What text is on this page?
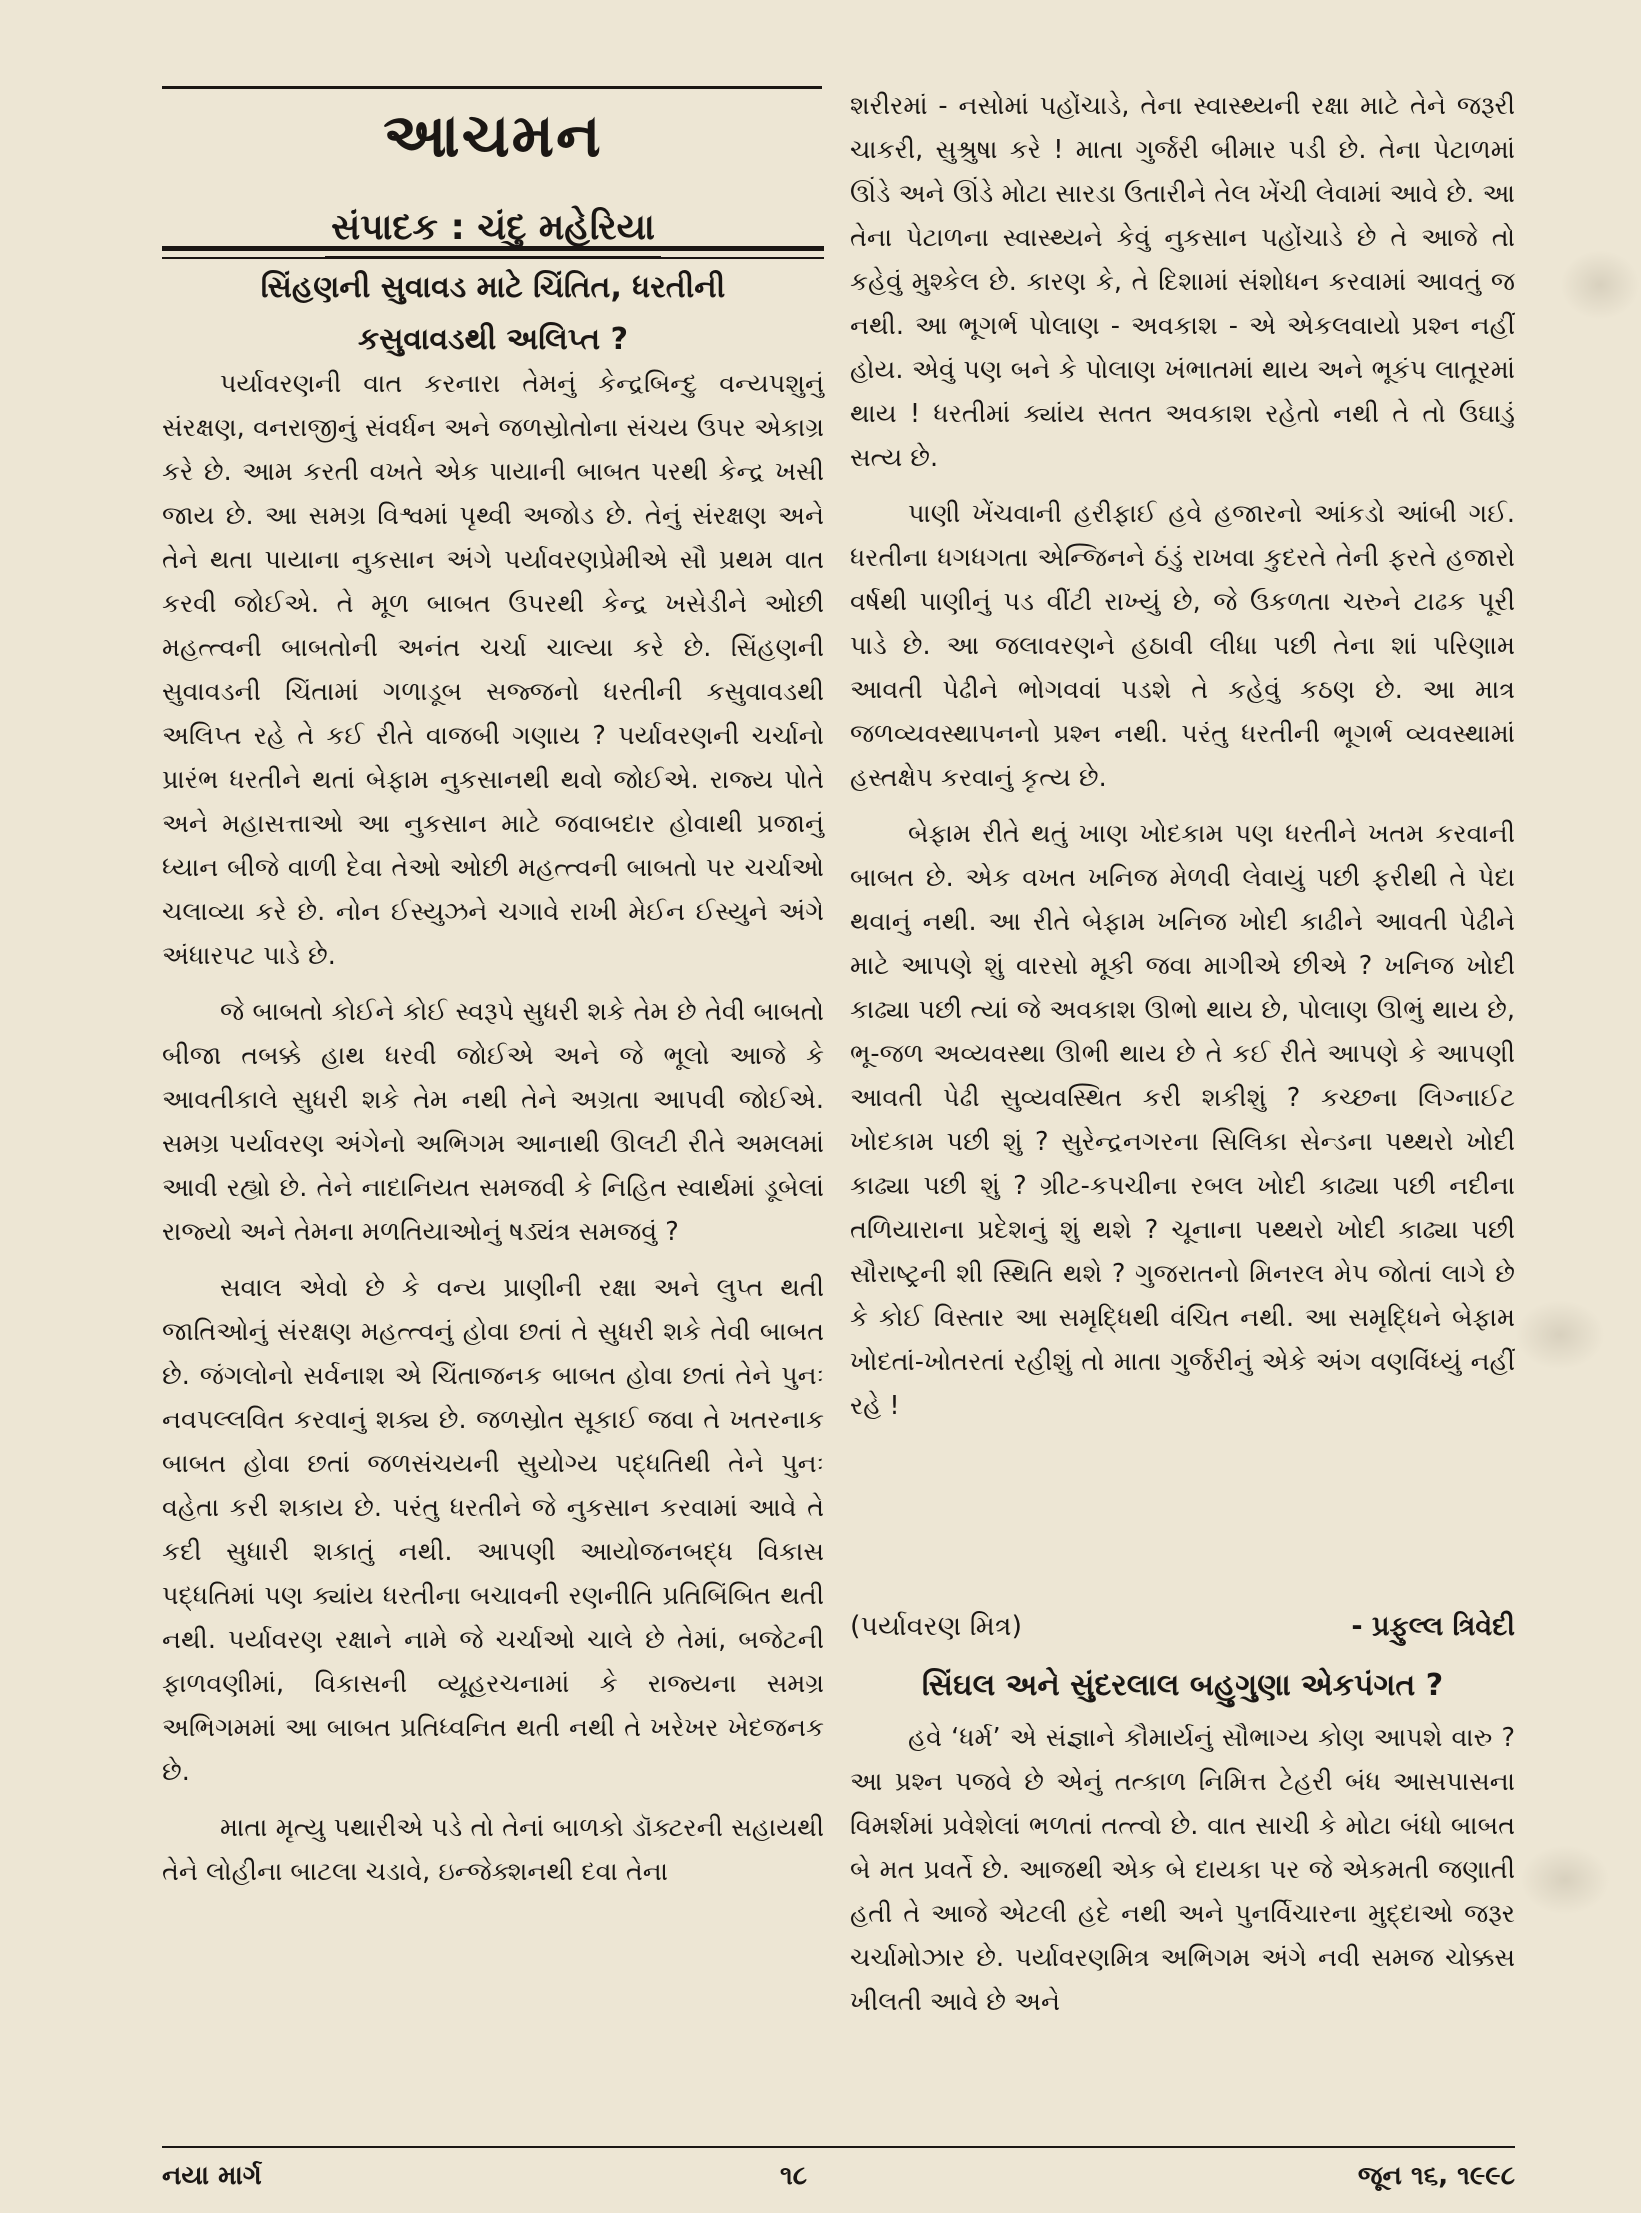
આચમન
સંપાદક : ચંદુ મહેરિયા
સિંહણની સુવાવડ માટે ચિંતિત, ધરતીની
કસુવાવડથી અલિપ્ત ?

પર્યાવરણની વાત કરનારા તેમનું કેન્દ્રબિન્દુ વન્યપશુનું સંરક્ષણ, વનરાજીનું સંવર્ધન અને જળસ્રોતોના સંચય ઉપર એકાગ્ર કરે છે. આમ કરતી વખતે એક પાયાની બાબત પરથી કેન્દ્ર ખસી જાય છે. આ સમગ્ર વિશ્વમાં પૃથ્વી અજોડ છે. તેનું સંરક્ષણ અને તેને થતા પાયાના નુકસાન અંગે પર્યાવરણપ્રેમીએ સૌ પ્રથમ વાત કરવી જોઈએ. તે મૂળ બાબત ઉપરથી કેન્દ્ર ખસેડીને ઓછી મહત્ત્વની બાબતોની અનંત ચર્ચા ચાલ્યા કરે છે. સિંહણની સુવાવડની ચિંતામાં ગળાડૂબ સજ્જનો ધરતીની કસુવાવડથી અલિપ્ત રહે તે કઈ રીતે વાજબી ગણાય ? પર્યાવરણની ચર્ચાનો પ્રારંભ ધરતીને થતાં બેફામ નુકસાનથી થવો જોઈએ. રાજ્ય પોતે અને મહાસત્તાઓ આ નુકસાન માટે જવાબદાર હોવાથી પ્રજાનું ધ્યાન બીજે વાળી દેવા તેઓ ઓછી મહત્ત્વની બાબતો પર ચર્ચાઓ ચલાવ્યા કરે છે. નોન ઈસ્યુઝને ચગાવે રાખી મેઈન ઈસ્યુને અંગે અંધારપટ પાડે છે.

જે બાબતો કોઈને કોઈ સ્વરૂપે સુધરી શકે તેમ છે તેવી બાબતો બીજા તબક્કે હાથ ધરવી જોઈએ અને જે ભૂલો આજે કે આવતીકાલે સુધરી શકે તેમ નથી તેને અગ્રતા આપવી જોઈએ. સમગ્ર પર્યાવરણ અંગેનો અભિગમ આનાથી ઊલટી રીતે અમલમાં આવી રહ્યો છે. તેને નાદાનિયત સમજવી કે નિહિત સ્વાર્થમાં ડૂબેલાં રાજ્યો અને તેમના મળતિયાઓનું ષડ્યંત્ર સમજવું ?

સવાલ એવો છે કે વન્ય પ્રાણીની રક્ષા અને લુપ્ત થતી જાતિઓનું સંરક્ષણ મહત્ત્વનું હોવા છતાં તે સુધરી શકે તેવી બાબત છે. જંગલોનો સર્વનાશ એ ચિંતાજનક બાબત હોવા છતાં તેને પુનઃ નવપલ્લવિત કરવાનું શક્ય છે. જળસ્રોત સૂકાઈ જવા તે ખતરનાક બાબત હોવા છતાં જળસંચયની સુયોગ્ય પદ્ધતિથી તેને પુનઃ વહેતા કરી શકાય છે. પરંતુ ધરતીને જે નુકસાન કરવામાં આવે તે કદી સુધારી શકાતું નથી. આપણી આયોજનબદ્ધ વિકાસ પદ્ધતિમાં પણ ક્યાંય ધરતીના બચાવની રણનીતિ પ્રતિબિંબિત થતી નથી. પર્યાવરણ રક્ષાને નામે જે ચર્ચાઓ ચાલે છે તેમાં, બજેટની ફાળવણીમાં, વિકાસની વ્યૂહરચનામાં કે રાજ્યના સમગ્ર અભિગમમાં આ બાબત પ્રતિધ્વનિત થતી નથી તે ખરેખર ખેદજનક છે.

માતા મૃત્યુ પથારીએ પડે તો તેનાં બાળકો ડૉક્ટરની સહાયથી તેને લોહીના બાટલા ચડાવે, ઇન્જેક્શનથી દવા તેના

શરીરમાં - નસોમાં પહોંચાડે, તેના સ્વાસ્થ્યની રક્ષા માટે તેને જરૂરી ચાકરી, સુશ્રુષા કરે ! માતા ગુર્જરી બીમાર પડી છે. તેના પેટાળમાં ઊંડે અને ઊંડે મોટા સારડા ઉતારીને તેલ ખેંચી લેવામાં આવે છે. આ તેના પેટાળના સ્વાસ્થ્યને કેવું નુકસાન પહોંચાડે છે તે આજે તો કહેવું મુશ્કેલ છે. કારણ કે, તે દિશામાં સંશોધન કરવામાં આવતું જ નથી. આ ભૂગર્ભ પોલાણ - અવકાશ - એ એકલવાયો પ્રશ્ન નહીં હોય. એવું પણ બને કે પોલાણ ખંભાતમાં થાય અને ભૂકંપ લાતૂરમાં થાય ! ધરતીમાં ક્યાંય સતત અવકાશ રહેતો નથી તે તો ઉઘાડું સત્ય છે.

પાણી ખેંચવાની હરીફાઈ હવે હજારનો આંકડો આંબી ગઈ. ધરતીના ધગધગતા એન્જિનને ઠંડું રાખવા કુદરતે તેની ફરતે હજારો વર્ષથી પાણીનું પડ વીંટી રાખ્યું છે, જે ઉકળતા ચરુને ટાઢક પૂરી પાડે છે. આ જલાવરણને હઠાવી લીધા પછી તેના શાં પરિણામ આવતી પેઢીને ભોગવવાં પડશે તે કહેવું કઠણ છે. આ માત્ર જળવ્યવસ્થાપનનો પ્રશ્ન નથી. પરંતુ ધરતીની ભૂગર્ભ વ્યવસ્થામાં હસ્તક્ષેપ કરવાનું કૃત્ય છે.

બેફામ રીતે થતું ખાણ ખોદકામ પણ ધરતીને ખતમ કરવાની બાબત છે. એક વખત ખનિજ મેળવી લેવાયું પછી ફરીથી તે પેદા થવાનું નથી. આ રીતે બેફામ ખનિજ ખોદી કાઢીને આવતી પેઢીને માટે આપણે શું વારસો મૂકી જવા માગીએ છીએ ? ખનિજ ખોદી કાઢ્યા પછી ત્યાં જે અવકાશ ઊભો થાય છે, પોલાણ ઊભું થાય છે, ભૂ-જળ અવ્યવસ્થા ઊભી થાય છે તે કઈ રીતે આપણે કે આપણી આવતી પેઢી સુવ્યવસ્થિત કરી શકીશું ? કચ્છના લિગ્નાઈટ ખોદકામ પછી શું ? સુરેન્દ્રનગરના સિલિકા સેન્ડના પથ્થરો ખોદી કાઢ્યા પછી શું ? ગ્રીટ-કપચીના રબલ ખોદી કાઢ્યા પછી નદીના તળિયારાના પ્રદેશનું શું થશે ? ચૂનાના પથ્થરો ખોદી કાઢ્યા પછી સૌરાષ્ટ્રની શી સ્થિતિ થશે ? ગુજરાતનો મિનરલ મેપ જોતાં લાગે છે કે કોઈ વિસ્તાર આ સમૃદ્ધિથી વંચિત નથી. આ સમૃદ્ધિને બેફામ ખોદતાં-ખોતરતાં રહીશું તો માતા ગુર્જરીનું એકે અંગ વણવિંધ્યું નહીં રહે !

(પર્યાવરણ મિત્ર)	- પ્રફુલ્લ ત્રિવેદી
સિંઘલ અને સુંદરલાલ બહુગુણા એકપંગત ?

હવે ‘ધર્મ’ એ સંજ્ઞાને કૌમાર્યનું સૌભાગ્ય કોણ આપશે વારુ ? આ પ્રશ્ન પજવે છે એનું તત્કાળ નિમિત્ત ટેહરી બંધ આસપાસના વિમર્શમાં પ્રવેશેલાં ભળતાં તત્ત્વો છે. વાત સાચી કે મોટા બંધો બાબત બે મત પ્રવર્તે છે. આજથી એક બે દાયકા પર જે એકમતી જણાતી હતી તે આજે એટલી હદે નથી અને પુનર્વિચારના મુદ્દાઓ જરૂર ચર્ચામોઝાર છે. પર્યાવરણમિત્ર અભિગમ અંગે નવી સમજ ચોક્કસ ખીલતી આવે છે અને

નયા માર્ગ	૧૮	જૂન ૧૬, ૧૯૯૮
